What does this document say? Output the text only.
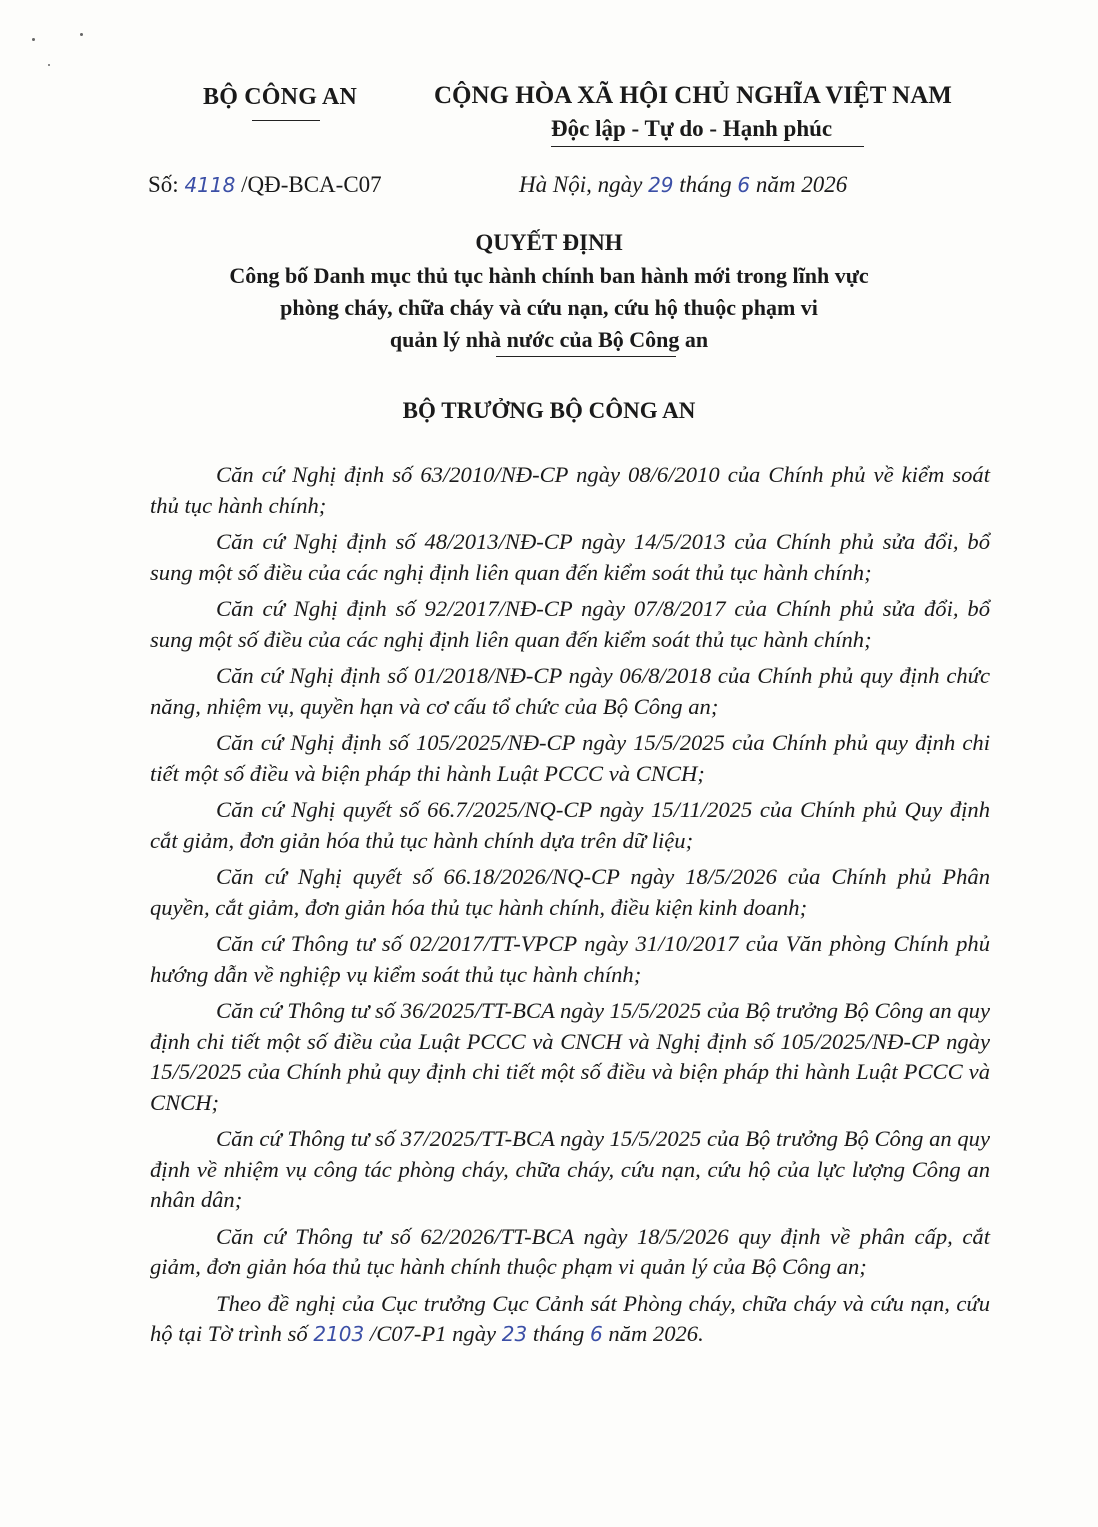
BỘ CÔNG AN	CỘNG HÒA XÃ HỘI CHỦ NGHĨA VIỆT NAM
Độc lập - Tự do - Hạnh phúc
Số: 4118 /QĐ-BCA-C07	Hà Nội, ngày 29 tháng 6 năm 2026

QUYẾT ĐỊNH

Công bố Danh mục thủ tục hành chính ban hành mới trong lĩnh vực
phòng cháy, chữa cháy và cứu nạn, cứu hộ thuộc phạm vi
quản lý nhà nước của Bộ Công an

BỘ TRƯỞNG BỘ CÔNG AN

Căn cứ Nghị định số 63/2010/NĐ-CP ngày 08/6/2010 của Chính phủ về kiểm soát thủ tục hành chính;

Căn cứ Nghị định số 48/2013/NĐ-CP ngày 14/5/2013 của Chính phủ sửa đổi, bổ sung một số điều của các nghị định liên quan đến kiểm soát thủ tục hành chính;

Căn cứ Nghị định số 92/2017/NĐ-CP ngày 07/8/2017 của Chính phủ sửa đổi, bổ sung một số điều của các nghị định liên quan đến kiểm soát thủ tục hành chính;

Căn cứ Nghị định số 01/2018/NĐ-CP ngày 06/8/2018 của Chính phủ quy định chức năng, nhiệm vụ, quyền hạn và cơ cấu tổ chức của Bộ Công an;

Căn cứ Nghị định số 105/2025/NĐ-CP ngày 15/5/2025 của Chính phủ quy định chi tiết một số điều và biện pháp thi hành Luật PCCC và CNCH;

Căn cứ Nghị quyết số 66.7/2025/NQ-CP ngày 15/11/2025 của Chính phủ Quy định cắt giảm, đơn giản hóa thủ tục hành chính dựa trên dữ liệu;

Căn cứ Nghị quyết số 66.18/2026/NQ-CP ngày 18/5/2026 của Chính phủ Phân quyền, cắt giảm, đơn giản hóa thủ tục hành chính, điều kiện kinh doanh;

Căn cứ Thông tư số 02/2017/TT-VPCP ngày 31/10/2017 của Văn phòng Chính phủ hướng dẫn về nghiệp vụ kiểm soát thủ tục hành chính;

Căn cứ Thông tư số 36/2025/TT-BCA ngày 15/5/2025 của Bộ trưởng Bộ Công an quy định chi tiết một số điều của Luật PCCC và CNCH và Nghị định số 105/2025/NĐ-CP ngày 15/5/2025 của Chính phủ quy định chi tiết một số điều và biện pháp thi hành Luật PCCC và CNCH;

Căn cứ Thông tư số 37/2025/TT-BCA ngày 15/5/2025 của Bộ trưởng Bộ Công an quy định về nhiệm vụ công tác phòng cháy, chữa cháy, cứu nạn, cứu hộ của lực lượng Công an nhân dân;

Căn cứ Thông tư số 62/2026/TT-BCA ngày 18/5/2026 quy định về phân cấp, cắt giảm, đơn giản hóa thủ tục hành chính thuộc phạm vi quản lý của Bộ Công an;

Theo đề nghị của Cục trưởng Cục Cảnh sát Phòng cháy, chữa cháy và cứu nạn, cứu hộ tại Tờ trình số 2103 /C07-P1 ngày 23 tháng 6 năm 2026.
